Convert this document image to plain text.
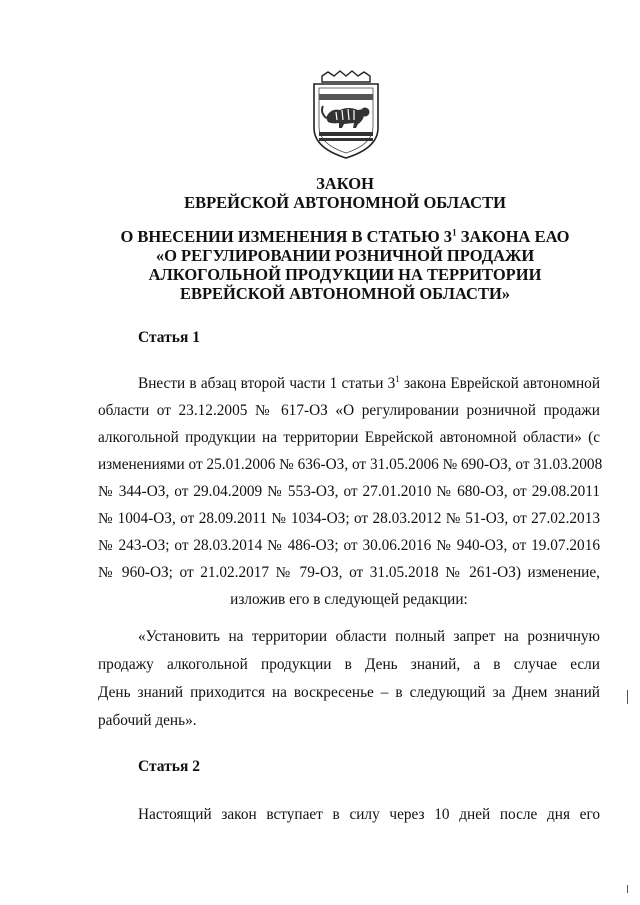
ЗАКОН
ЕВРЕЙСКОЙ АВТОНОМНОЙ ОБЛАСТИ
О ВНЕСЕНИИ ИЗМЕНЕНИЯ В СТАТЬЮ $3^1$ ЗАКОНА ЕАО
«О РЕГУЛИРОВАНИИ РОЗНИЧНОЙ ПРОДАЖИ
АЛКОГОЛЬНОЙ ПРОДУКЦИИ НА ТЕРРИТОРИИ
ЕВРЕЙСКОЙ АВТОНОМНОЙ ОБЛАСТИ»
Статья 1
Внести в абзац второй части 1 статьи $3^1$ закона Еврейской автономной
области от 23.12.2005 № 617-ОЗ «О регулировании розничной продажи
алкогольной продукции на территории Еврейской автономной области» (с
изменениями от 25.01.2006 № 636-ОЗ, от 31.05.2006 № 690-ОЗ, от 31.03.2008
№ 344-ОЗ, от 29.04.2009 № 553-ОЗ, от 27.01.2010 № 680-ОЗ, от 29.08.2011
№ 1004-ОЗ, от 28.09.2011 № 1034-ОЗ; от 28.03.2012 № 51-ОЗ, от 27.02.2013
№ 243-ОЗ; от 28.03.2014 № 486-ОЗ; от 30.06.2016 № 940-ОЗ, от 19.07.2016
№ 960-ОЗ; от 21.02.2017 № 79-ОЗ, от 31.05.2018 № 261-ОЗ) изменение,
изложив его в следующей редакции:
«Установить на территории области полный запрет на розничную
продажу алкогольной продукции в День знаний, а в случае если
День знаний приходится на воскресенье – в следующий за Днем знаний
рабочий день».
Статья 2
Настоящий закон вступает в силу через 10 дней после дня его
